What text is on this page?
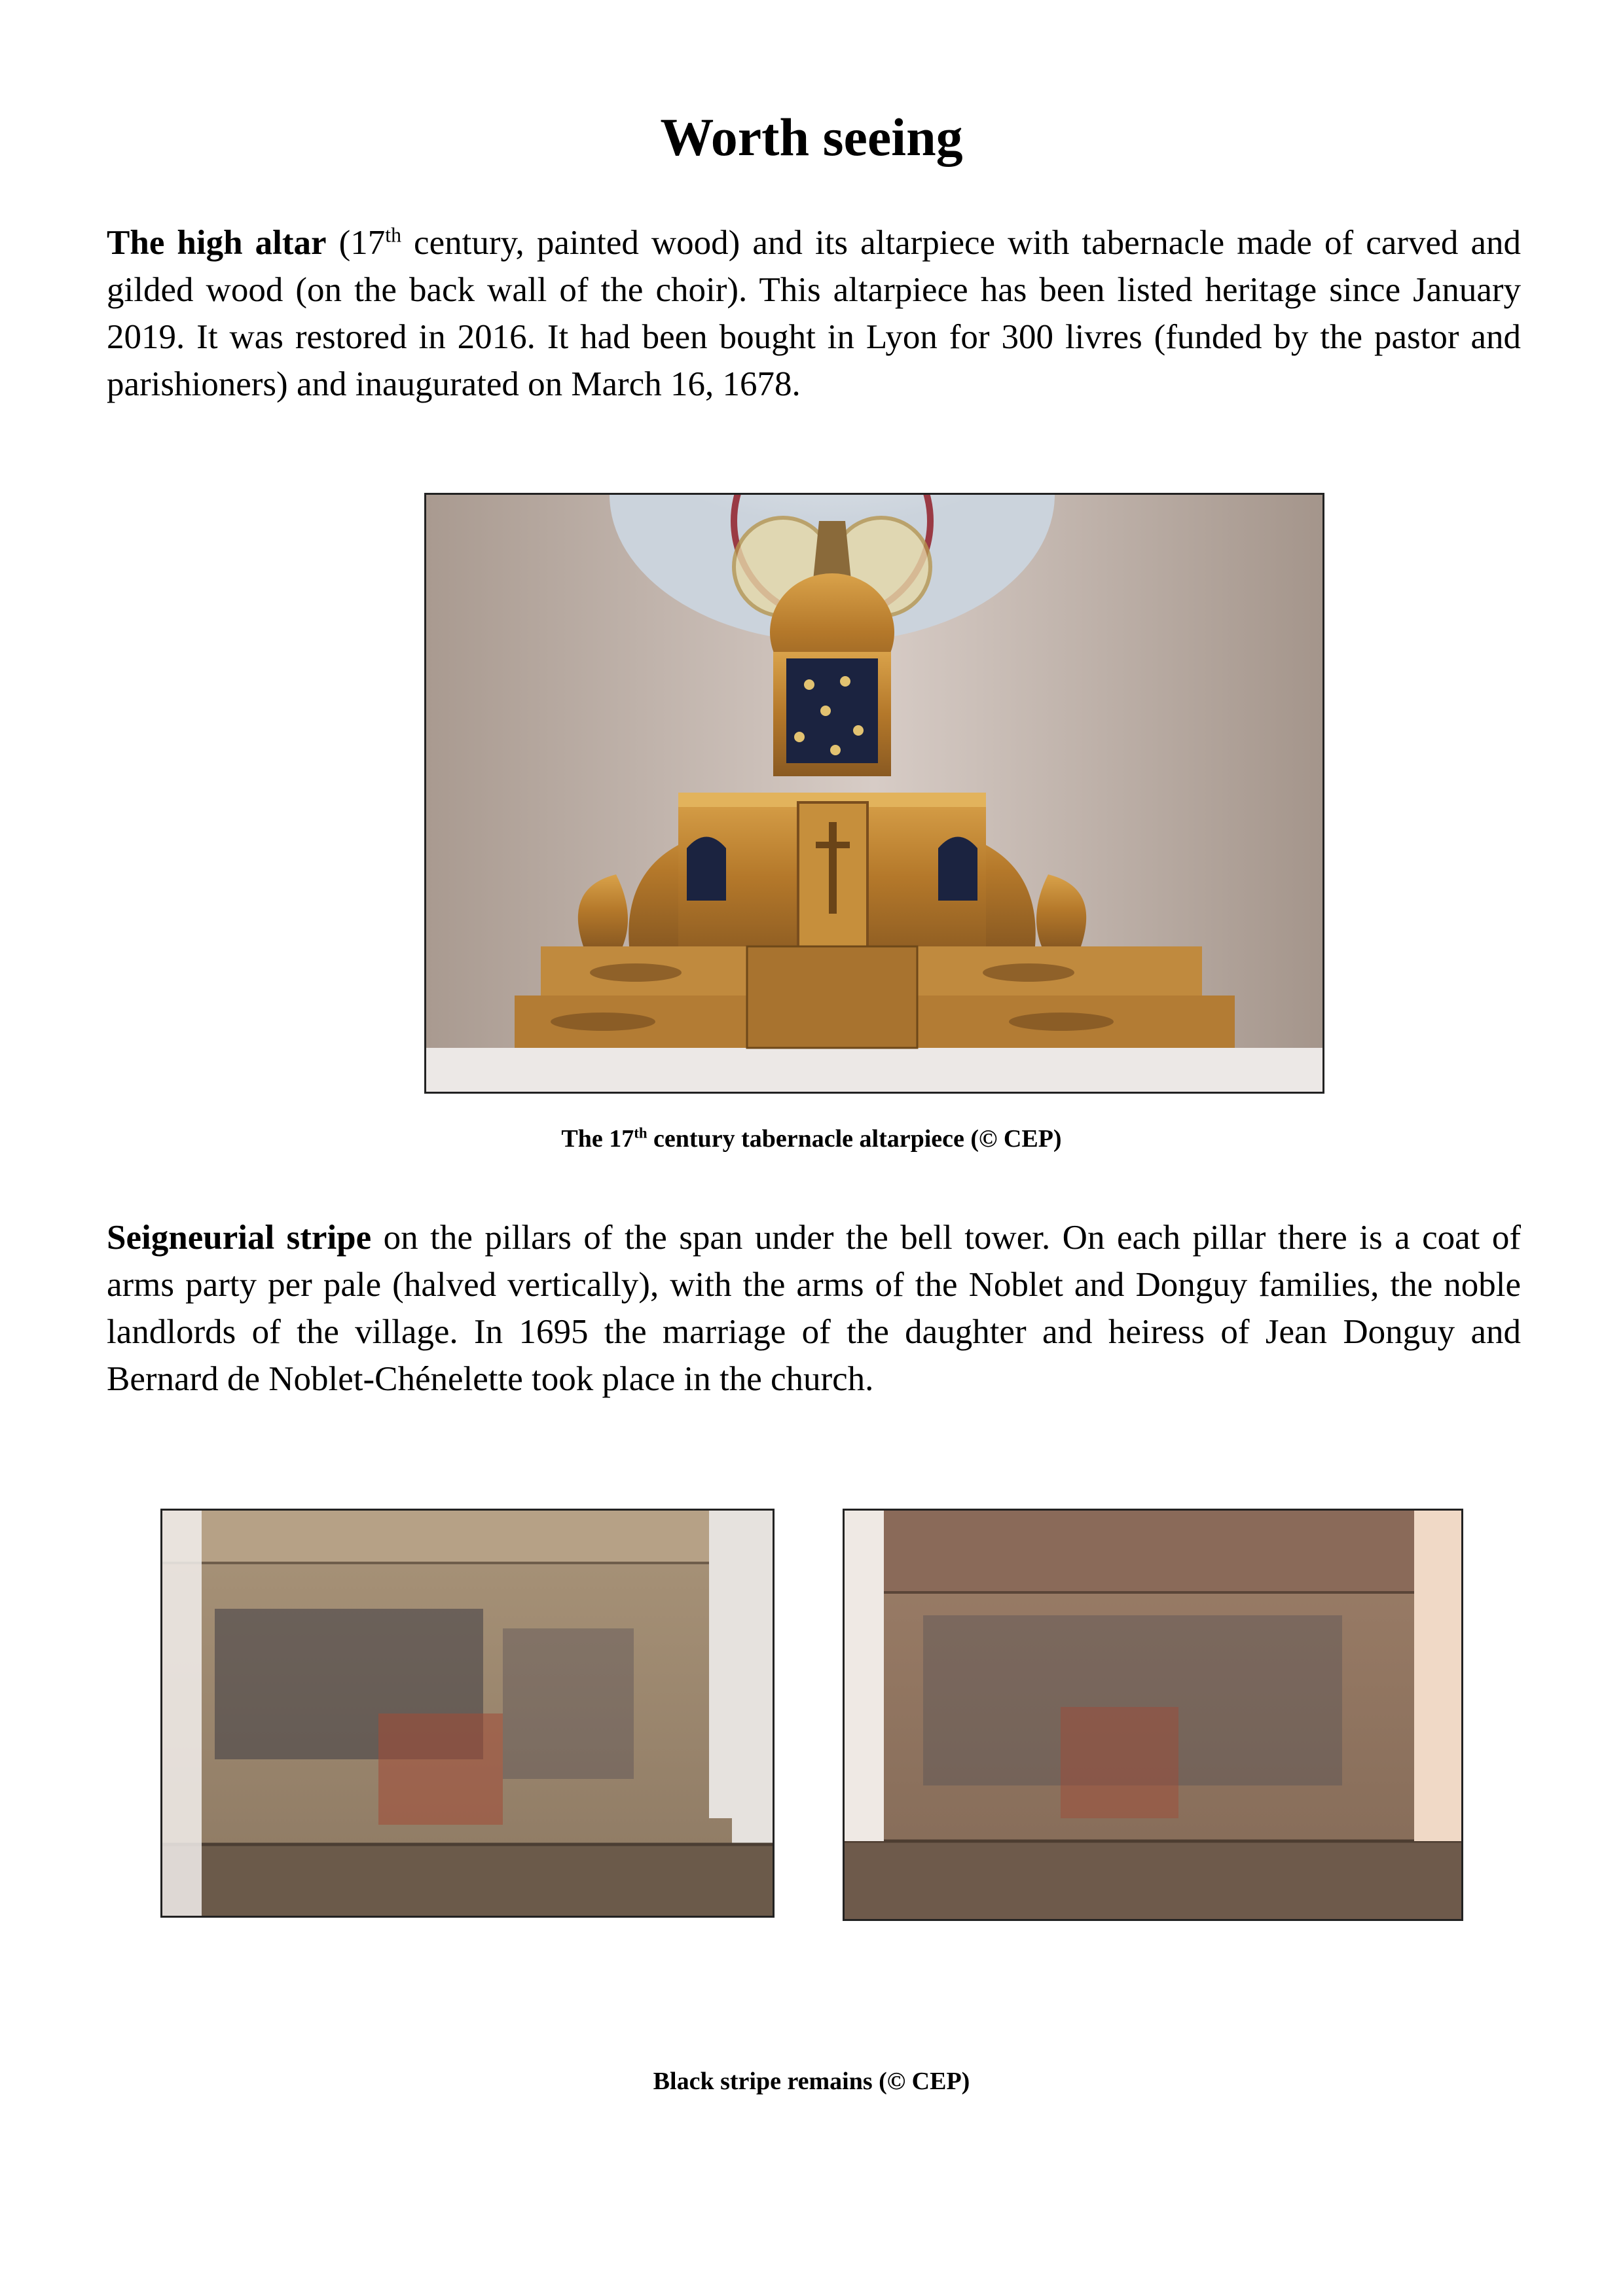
Worth seeing

The high altar (17th century, painted wood) and its altarpiece with tabernacle made of carved and gilded wood (on the back wall of the choir). This altarpiece has been listed heritage since January 2019. It was restored in 2016. It had been bought in Lyon for 300 livres (funded by the pastor and parishioners) and inaugurated on March 16, 1678.

The 17th century tabernacle altarpiece (© CEP)

Seigneurial stripe on the pillars of the span under the bell tower. On each pillar there is a coat of arms party per pale (halved vertically), with the arms of the Noblet and Donguy families, the noble landlords of the village. In 1695 the marriage of the daughter and heiress of Jean Donguy and Bernard de Noblet-Chénelette took place in the church.

Black stripe remains (© CEP)
